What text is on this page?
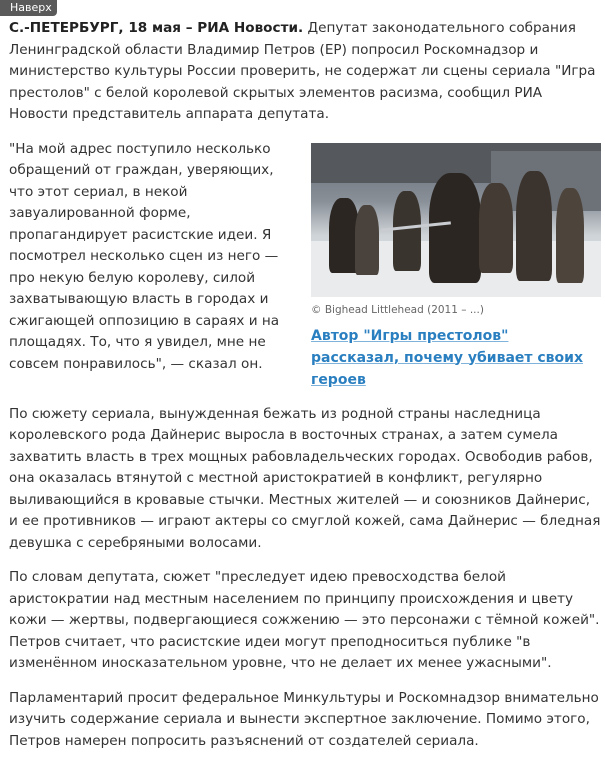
Наверх

С.-ПЕТЕРБУРГ, 18 мая – РИА Новости. Депутат законодательного собрания Ленинградской области Владимир Петров (ЕР) попросил Роскомнадзор и министерство культуры России проверить, не содержат ли сцены сериала "Игра престолов" с белой королевой скрытых элементов расизма, сообщил РИА Новости представитель аппарата депутата.

"На мой адрес поступило несколько обращений от граждан, уверяющих, что этот сериал, в некой завуалированной форме, пропагандирует расистские идеи. Я посмотрел несколько сцен из него — про некую белую королеву, силой захватывающую власть в городах и сжигающей оппозицию в сараях и на площадях. То, что я увидел, мне не совсем понравилось", — сказал он.

© Bighead Littlehead (2011 – ...)
Автор "Игры престолов" рассказал, почему убивает своих героев

По сюжету сериала, вынужденная бежать из родной страны наследница королевского рода Дайнерис выросла в восточных странах, а затем сумела захватить власть в трех мощных рабовладельческих городах. Освободив рабов, она оказалась втянутой с местной аристократией в конфликт, регулярно выливающийся в кровавые стычки. Местных жителей — и союзников Дайнерис, и ее противников — играют актеры со смуглой кожей, сама Дайнерис — бледная девушка с серебряными волосами.

По словам депутата, сюжет "преследует идею превосходства белой аристократии над местным населением по принципу происхождения и цвету кожи — жертвы, подвергающиеся сожжению — это персонажи с тёмной кожей". Петров считает, что расистские идеи могут преподноситься публике "в изменённом иносказательном уровне, что не делает их менее ужасными".

Парламентарий просит федеральное Минкультуры и Роскомнадзор внимательно изучить содержание сериала и вынести экспертное заключение. Помимо этого, Петров намерен попросить разъяснений от создателей сериала.
